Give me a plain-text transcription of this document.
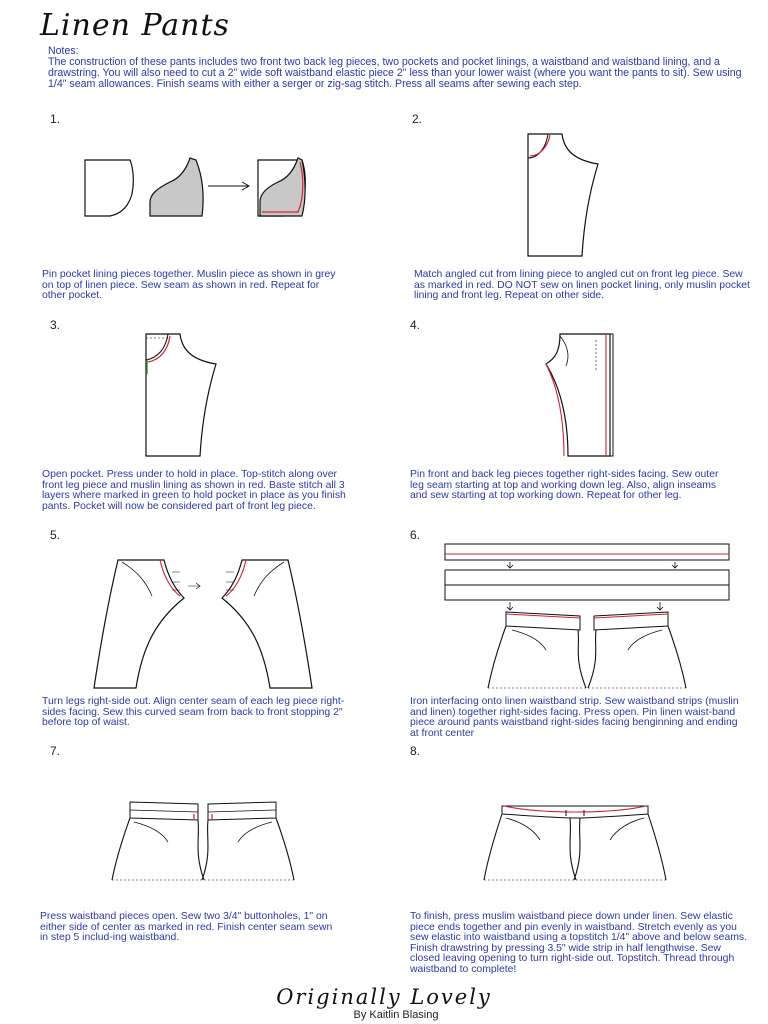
Linen Pants
Notes:
The construction of these pants includes two front two back leg pieces, two pockets and pocket linings, a waistband and waistband lining, and a drawstring. You will also need to cut a 2" wide soft waistband elastic piece 2" less than your lower waist (where you want the pants to sit). Sew using 1/4" seam allowances. Finish seams with either a serger or zig-sag stitch. Press all seams after sewing each step.
1.
Pin pocket lining pieces together. Muslin piece as shown in grey on top of linen piece. Sew seam as shown in red. Repeat for other pocket.
2.
Match angled cut from lining piece to angled cut on front leg piece. Sew as marked in red. DO NOT sew on linen pocket lining, only muslin pocket lining and front leg. Repeat on other side.
3.
Open pocket. Press under to hold in place. Top-stitch along over front leg piece and muslin lining as shown in red. Baste stitch all 3 layers where marked in green to hold pocket in place as you finish pants. Pocket will now be considered part of front leg piece.
4.
Pin front and back leg pieces together right-sides facing. Sew outer leg seam starting at top and working down leg. Also, align inseams and sew starting at top working down. Repeat for other leg.
5.
Turn legs right-side out. Align center seam of each leg piece right-sides facing. Sew this curved seam from back to front stopping 2" before top of waist.
6.
Iron interfacing onto linen waistband strip. Sew waistband strips (muslin and linen) together right-sides facing. Press open. Pin linen waist-band piece around pants waistband right-sides facing benginning and ending at front center
7.
Press waistband pieces open. Sew two 3/4" buttonholes, 1" on either side of center as marked in red. Finish center seam sewn in step 5 includ-ing waistband.
8.
To finish, press muslim waistband piece down under linen. Sew elastic piece ends together and pin evenly in waistband. Stretch evenly as you sew elastic into waistband using a topstitch 1/4" above and below seams. Finish drawstring by pressing 3.5" wide strip in half lengthwise. Sew closed leaving opening to turn right-side out. Topstitch. Thread through waistband to complete!
Originally Lovely
By Kaitlin Blasing
